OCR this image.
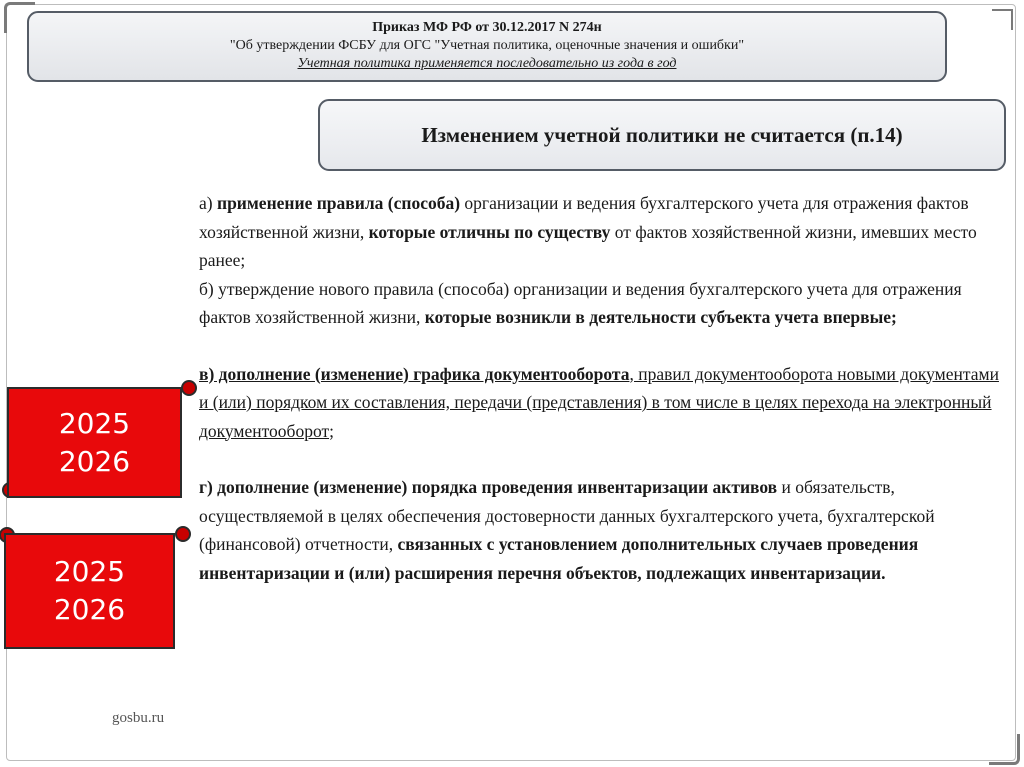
Приказ МФ РФ от 30.12.2017 N 274н
"Об утверждении ФСБУ для ОГС "Учетная политика, оценочные значения и ошибки"
Учетная политика применяется последовательно из года в год
Изменением учетной политики не считается (п.14)

а) применение правила (способа) организации и ведения бухгалтерского учета для отражения фактов хозяйственной жизни, которые отличны по существу от фактов хозяйственной жизни, имевших место ранее;

б) утверждение нового правила (способа) организации и ведения бухгалтерского учета для отражения фактов хозяйственной жизни, которые возникли в деятельности субъекта учета впервые;

в) дополнение (изменение) графика документооборота, правил документооборота новыми документами и (или) порядком их составления, передачи (представления) в том числе в целях перехода на электронный документооборот;

г) дополнение (изменение) порядка проведения инвентаризации активов и обязательств, осуществляемой в целях обеспечения достоверности данных бухгалтерского учета, бухгалтерской (финансовой) отчетности, связанных с установлением дополнительных случаев проведения инвентаризации и (или) расширения перечня объектов, подлежащих инвентаризации.

2025
2026
2025
2026
gosbu.ru
